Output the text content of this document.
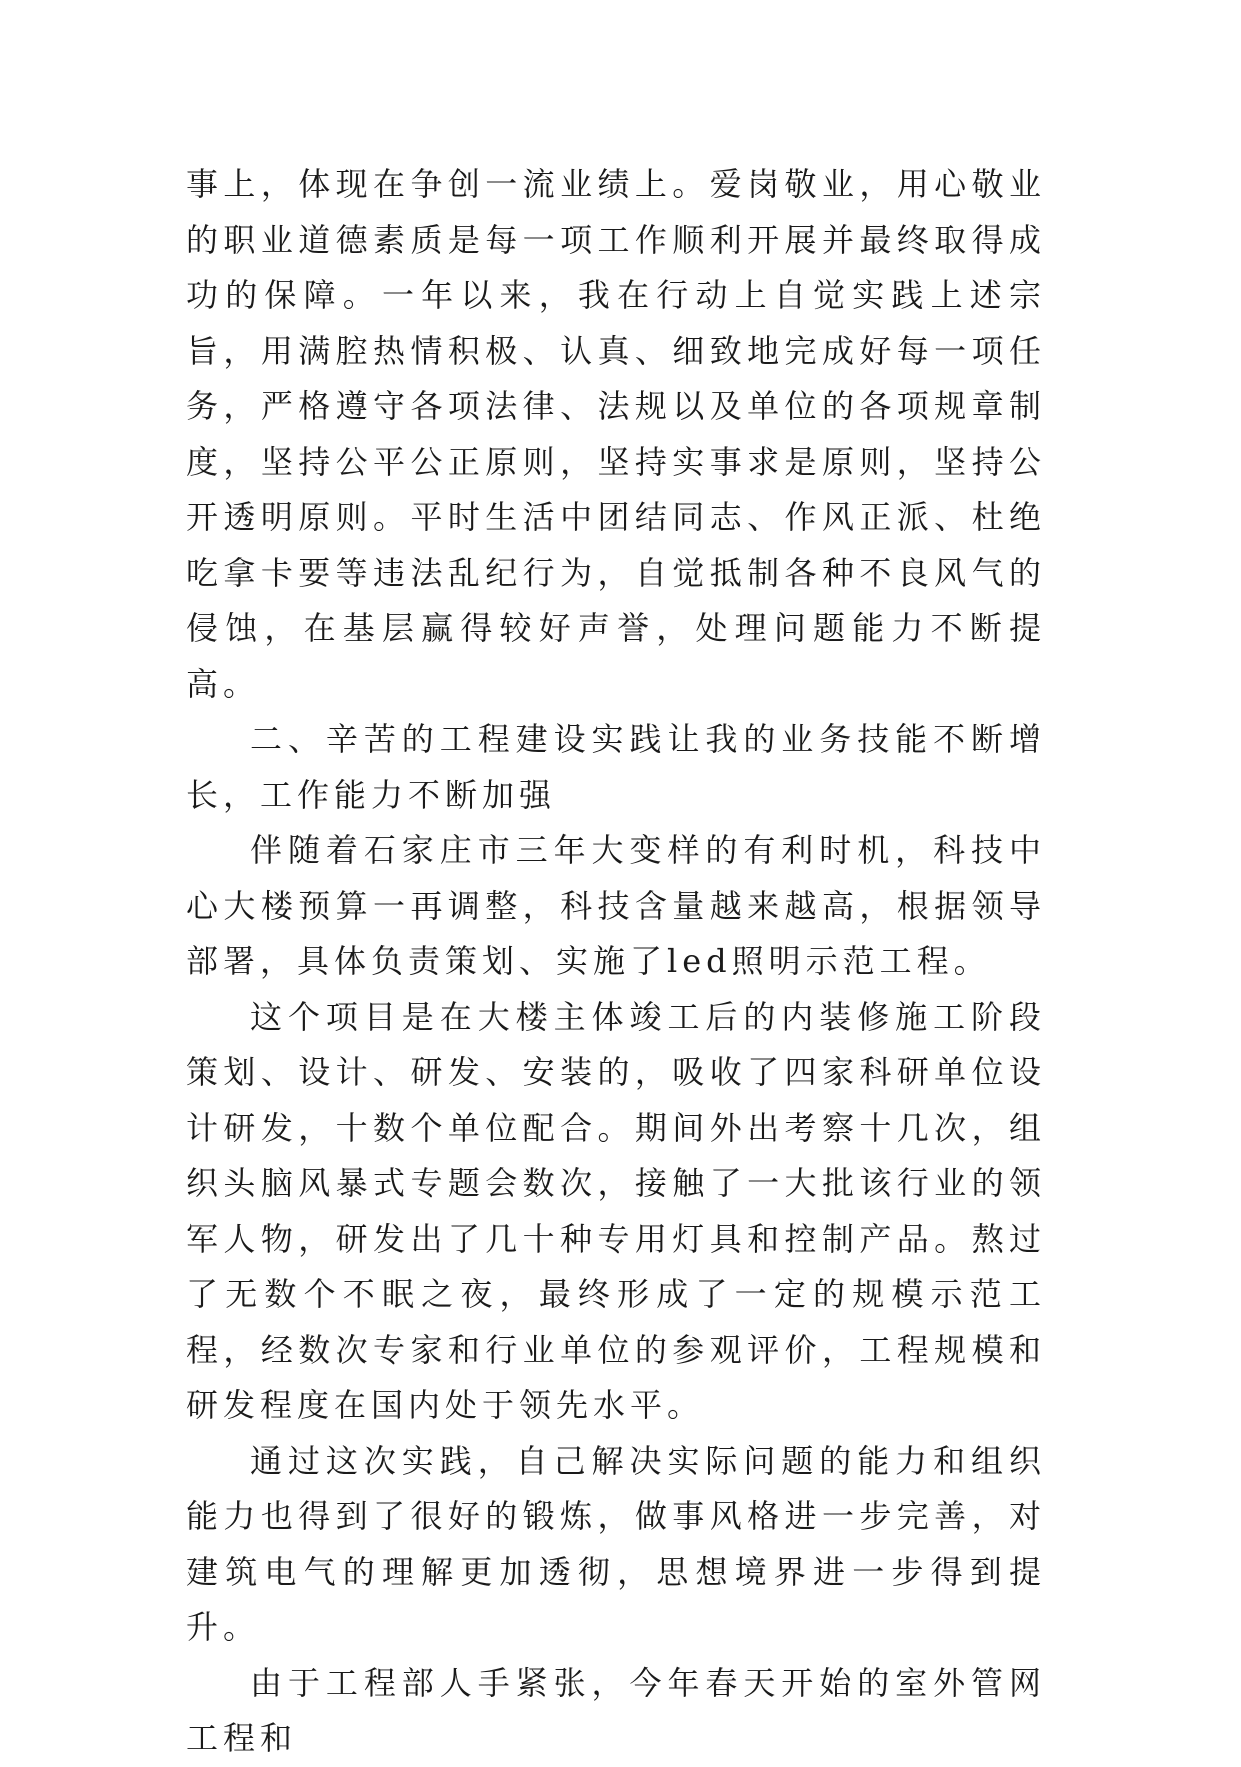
事上，体现在争创一流业绩上。爱岗敬业，用心敬业的职业道德素质是每一项工作顺利开展并最终取得成功的保障。一年以来，我在行动上自觉实践上述宗旨，用满腔热情积极、认真、细致地完成好每一项任务，严格遵守各项法律、法规以及单位的各项规章制度，坚持公平公正原则，坚持实事求是原则，坚持公开透明原则。平时生活中团结同志、作风正派、杜绝吃拿卡要等违法乱纪行为，自觉抵制各种不良风气的侵蚀，在基层赢得较好声誉，处理问题能力不断提高。

二、辛苦的工程建设实践让我的业务技能不断增长，工作能力不断加强

伴随着石家庄市三年大变样的有利时机，科技中心大楼预算一再调整，科技含量越来越高，根据领导部署，具体负责策划、实施了led照明示范工程。

这个项目是在大楼主体竣工后的内装修施工阶段策划、设计、研发、安装的，吸收了四家科研单位设计研发，十数个单位配合。期间外出考察十几次，组织头脑风暴式专题会数次，接触了一大批该行业的领军人物，研发出了几十种专用灯具和控制产品。熬过了无数个不眠之夜，最终形成了一定的规模示范工程，经数次专家和行业单位的参观评价，工程规模和研发程度在国内处于领先水平。

通过这次实践，自己解决实际问题的能力和组织能力也得到了很好的锻炼，做事风格进一步完善，对建筑电气的理解更加透彻，思想境界进一步得到提升。

由于工程部人手紧张，今年春天开始的室外管网工程和
